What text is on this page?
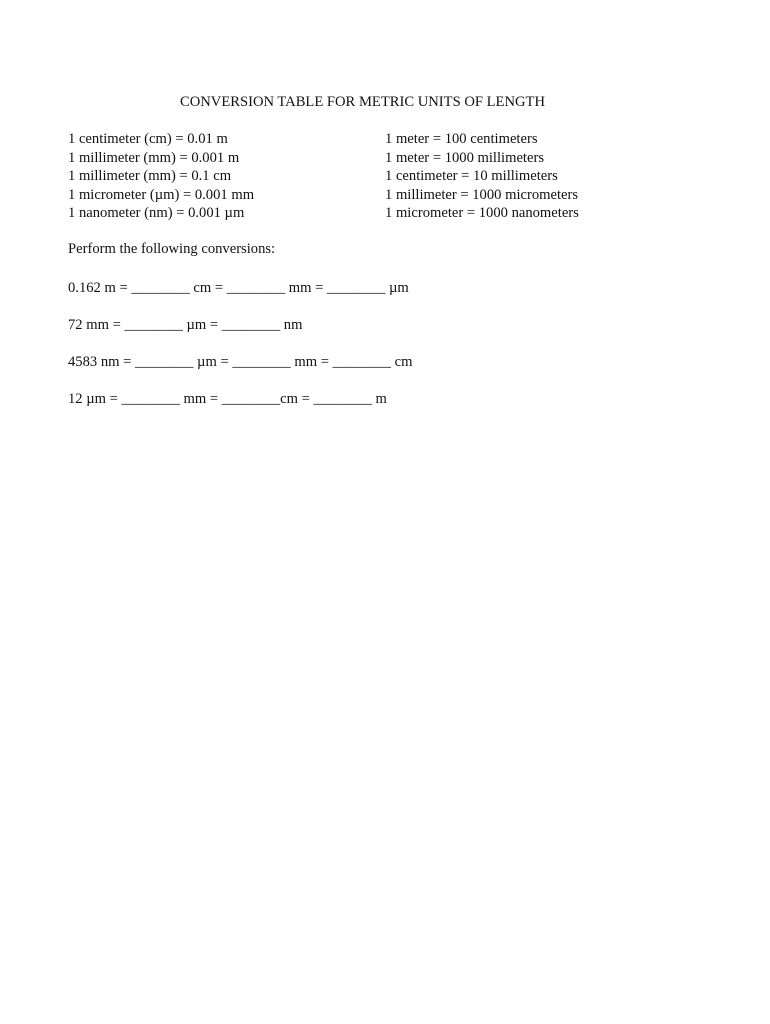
CONVERSION TABLE FOR METRIC UNITS OF LENGTH
1 centimeter (cm) = 0.01 m
1 millimeter (mm) = 0.001 m
1 millimeter (mm) = 0.1 cm
1 micrometer (µm) = 0.001 mm
1 nanometer (nm) = 0.001 µm
1 meter = 100 centimeters
1 meter = 1000 millimeters
1 centimeter = 10 millimeters
1 millimeter = 1000 micrometers
1 micrometer = 1000 nanometers
Perform the following conversions:
0.162 m = ________ cm = ________ mm = ________ µm
72 mm = ________ µm = ________ nm
4583 nm = ________ µm = ________ mm = ________ cm
12 µm = ________ mm = ________cm = ________ m
